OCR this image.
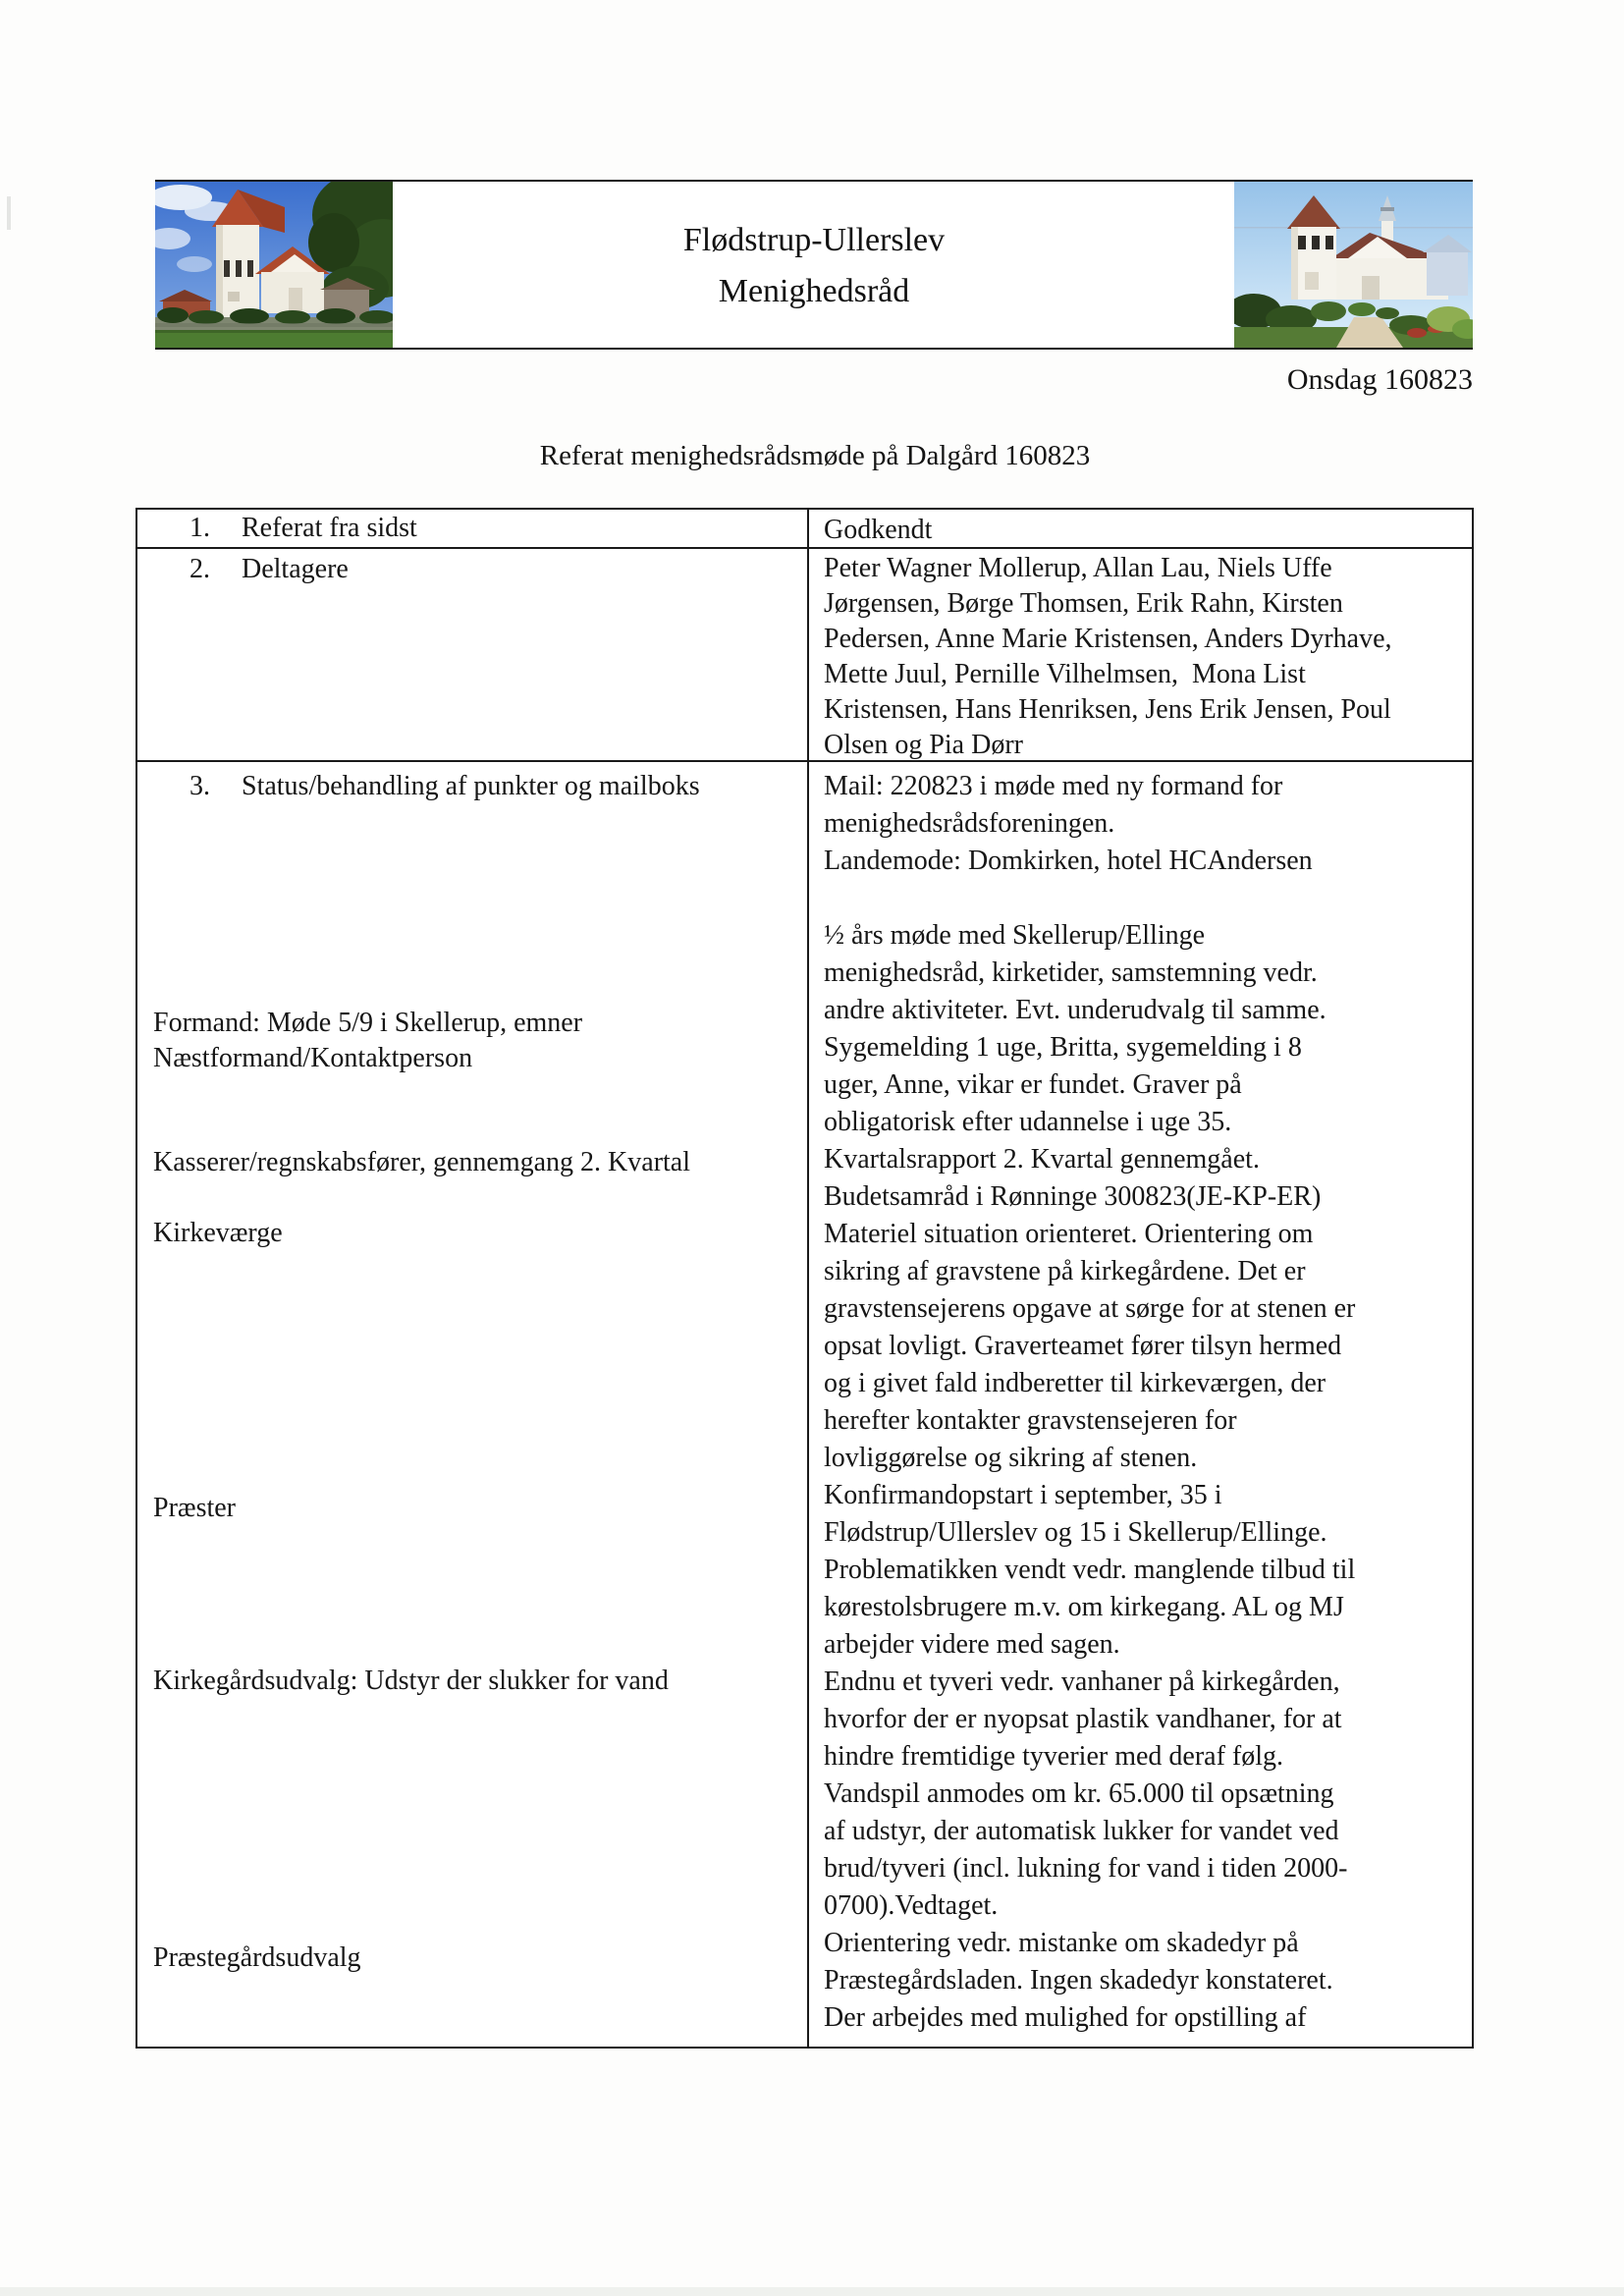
Flødstrup-Ullerslev
Menighedsråd
Onsdag 160823
Referat menighedsrådsmøde på Dalgård 160823
1. Referat fra sidst	Godkendt
2. Deltagere	Peter Wagner Mollerup, Allan Lau, Niels Uffe
Jørgensen, Børge Thomsen, Erik Rahn, Kirsten
Pedersen, Anne Marie Kristensen, Anders Dyrhave,
Mette Juul, Pernille Vilhelmsen,  Mona List
Kristensen, Hans Henriksen, Jens Erik Jensen, Poul
Olsen og Pia Dørr
3. Status/behandling af punkter og mailboks
Formand: Møde 5/9 i Skellerup, emner
Næstformand/Kontaktperson
Kasserer/regnskabsfører, gennemgang 2. Kvartal
Kirkeværge
Præster
Kirkegårdsudvalg: Udstyr der slukker for vand
Præstegårdsudvalg
Mail: 220823 i møde med ny formand for
menighedsrådsforeningen.
Landemode: Domkirken, hotel HCAndersen

½ års møde med Skellerup/Ellinge
menighedsråd, kirketider, samstemning vedr.
andre aktiviteter. Evt. underudvalg til samme.
Sygemelding 1 uge, Britta, sygemelding i 8
uger, Anne, vikar er fundet. Graver på
obligatorisk efter udannelse i uge 35.
Kvartalsrapport 2. Kvartal gennemgået.
Budetsamråd i Rønninge 300823(JE-KP-ER)
Materiel situation orienteret. Orientering om
sikring af gravstene på kirkegårdene. Det er
gravstensejerens opgave at sørge for at stenen er
opsat lovligt. Graverteamet fører tilsyn hermed
og i givet fald indberetter til kirkeværgen, der
herefter kontakter gravstensejeren for
lovliggørelse og sikring af stenen.
Konfirmandopstart i september, 35 i
Flødstrup/Ullerslev og 15 i Skellerup/Ellinge.
Problematikken vendt vedr. manglende tilbud til
kørestolsbrugere m.v. om kirkegang. AL og MJ
arbejder videre med sagen.
Endnu et tyveri vedr. vanhaner på kirkegården,
hvorfor der er nyopsat plastik vandhaner, for at
hindre fremtidige tyverier med deraf følg.
Vandspil anmodes om kr. 65.000 til opsætning
af udstyr, der automatisk lukker for vandet ved
brud/tyveri (incl. lukning for vand i tiden 2000-
0700).Vedtaget.
Orientering vedr. mistanke om skadedyr på
Præstegårdsladen. Ingen skadedyr konstateret.
Der arbejdes med mulighed for opstilling af
